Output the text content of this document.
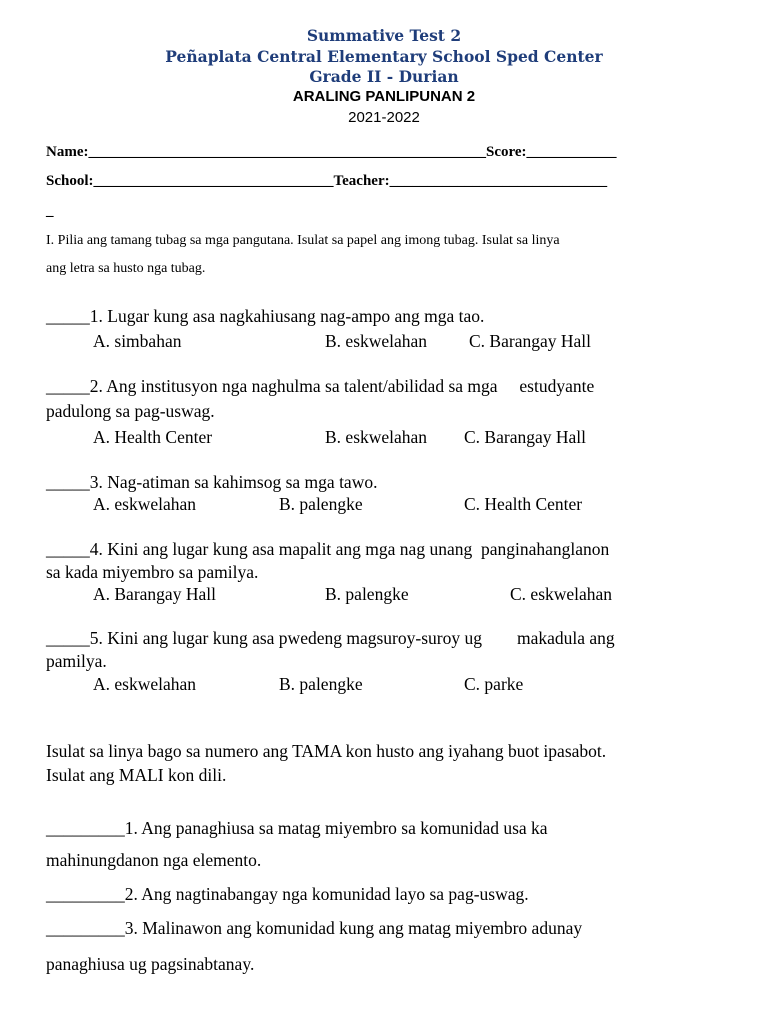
Summative Test 2
Peñaplata Central Elementary School Sped Center
Grade II - Durian
ARALING PANLIPUNAN 2
2021-2022
Name:_____________________________________________________Score:____________
School:________________________________Teacher:_____________________________
_
I. Pilia ang tamang tubag sa mga pangutana. Isulat sa papel ang imong tubag. Isulat sa linya
ang letra sa husto nga tubag.
_____1. Lugar kung asa nagkahiusang nag-ampo ang mga tao.
A. simbahan	B. eskwelahan C. Barangay Hall
_____2. Ang institusyon nga naghulma sa talent/abilidad sa mga     estudyante
padulong sa pag-uswag.
A. Health Center	B. eskwelahan C. Barangay Hall
_____3. Nag-atiman sa kahimsog sa mga tawo.
A. eskwelahan	B. palengke	C. Health Center
_____4. Kini ang lugar kung asa mapalit ang mga nag unang  panginahanglanon
sa kada miyembro sa pamilya.
A. Barangay Hall	B. palengke	C. eskwelahan
_____5. Kini ang lugar kung asa pwedeng magsuroy-suroy ug        makadula ang
pamilya.
A. eskwelahan	B. palengke	C. parke
Isulat sa linya bago sa numero ang TAMA kon husto ang iyahang buot ipasabot.
Isulat ang MALI kon dili.
_________1. Ang panaghiusa sa matag miyembro sa komunidad usa ka
mahinungdanon nga elemento.
_________2. Ang nagtinabangay nga komunidad layo sa pag-uswag.
_________3. Malinawon ang komunidad kung ang matag miyembro adunay
panaghiusa ug pagsinabtanay.
